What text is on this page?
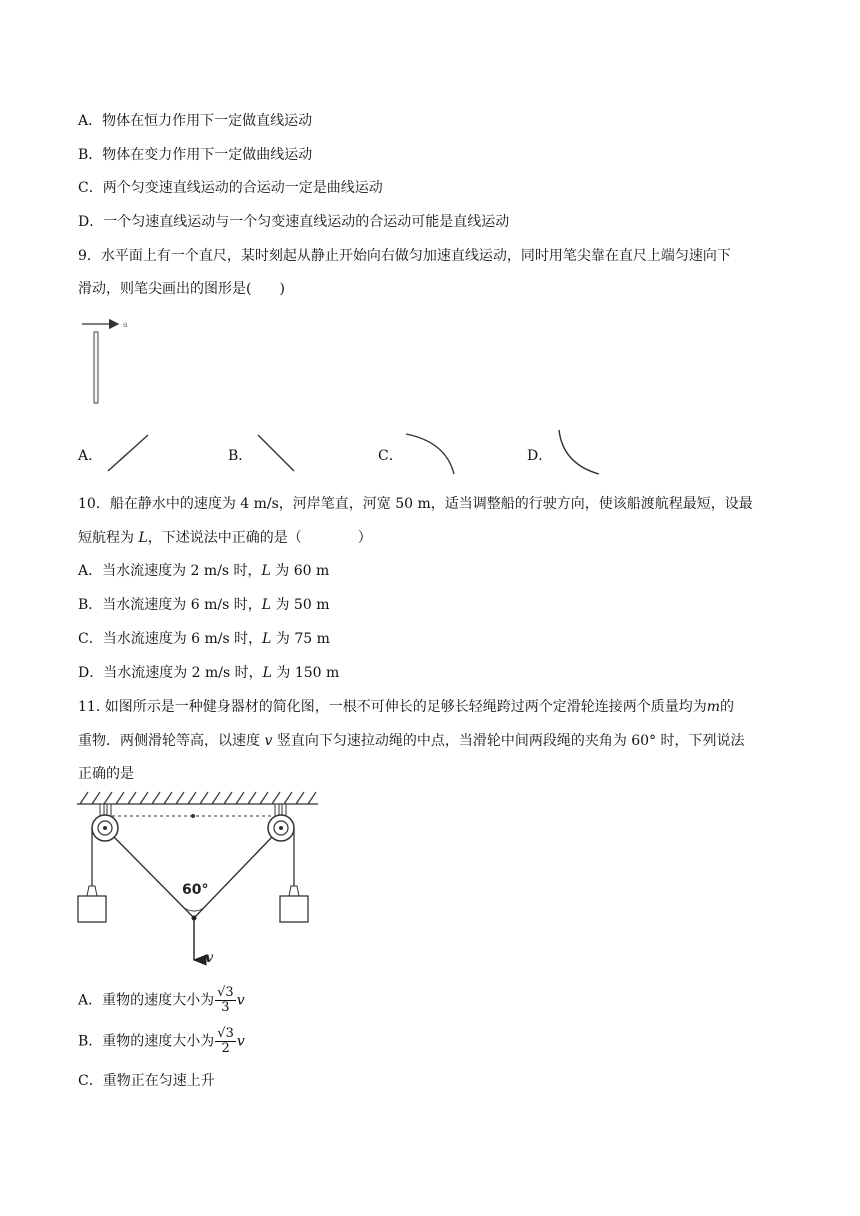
A．物体在恒力作用下一定做直线运动
B．物体在变力作用下一定做曲线运动
C．两个匀变速直线运动的合运动一定是曲线运动
D．一个匀速直线运动与一个匀变速直线运动的合运动可能是直线运动
9．水平面上有一个直尺，某时刻起从静止开始向右做匀加速直线运动，同时用笔尖靠在直尺上端匀速向下
滑动，则笔尖画出的图形是(　　)
a
A．	B．	C．	D．
10．船在静水中的速度为 4 m/s，河岸笔直，河宽 50 m，适当调整船的行驶方向，使该船渡航程最短，设最
短航程为 L，下述说法中正确的是（　　　　）
A．当水流速度为 2 m/s 时，L 为 60 m
B．当水流速度为 6 m/s 时，L 为 50 m
C．当水流速度为 6 m/s 时，L 为 75 m
D．当水流速度为 2 m/s 时，L 为 150 m
11. 如图所示是一种健身器材的简化图，一根不可伸长的足够长轻绳跨过两个定滑轮连接两个质量均为m的
重物．两侧滑轮等高，以速度 v 竖直向下匀速拉动绳的中点，当滑轮中间两段绳的夹角为 60° 时，下列说法
正确的是
60°
v
A．重物的速度大小为 $\frac{√3}{3}$ v
B．重物的速度大小为 $\frac{√3}{2}$ v
C．重物正在匀速上升
